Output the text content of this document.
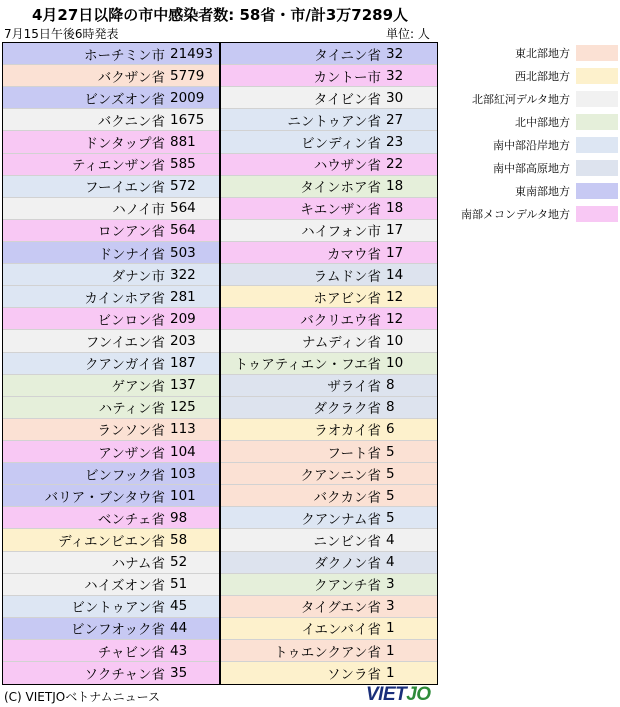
4月27日以降の市中感染者数: 58省・市/計3万7289人
7月15日午後6時発表	単位: 人
ホーチミン市 21493
バクザン省 5779
ビンズオン省 2009
バクニン省 1675
ドンタップ省 881
ティエンザン省 585
フーイエン省 572
ハノイ市 564
ロンアン省 564
ドンナイ省 503
ダナン市 322
カインホア省 281
ビンロン省 209
フンイエン省 203
クアンガイ省 187
ゲアン省 137
ハティン省 125
ランソン省 113
アンザン省 104
ビンフック省 103
バリア・ブンタウ省 101
ベンチェ省 98
ディエンビエン省 58
ハナム省 52
ハイズオン省 51
ビントゥアン省 45
ビンフオック省 44
チャビン省 43
ソクチャン省 35
タイニン省 32
カントー市 32
タイビン省 30
ニントゥアン省 27
ビンディン省 23
ハウザン省 22
タインホア省 18
キエンザン省 18
ハイフォン市 17
カマウ省 17
ラムドン省 14
ホアビン省 12
バクリエウ省 12
ナムディン省 10
トゥアティエン・フエ省 10
ザライ省 8
ダクラク省 8
ラオカイ省 6
フート省 5
クアンニン省 5
バクカン省 5
クアンナム省 5
ニンビン省 4
ダクノン省 4
クアンチ省 3
タイグエン省 3
イエンバイ省 1
トゥエンクアン省 1
ソンラ省 1
東北部地方
西北部地方
北部紅河デルタ地方
北中部地方
南中部沿岸地方
南中部高原地方
東南部地方
南部メコンデルタ地方
(C) VIETJOベトナムニュース	VIET JO
